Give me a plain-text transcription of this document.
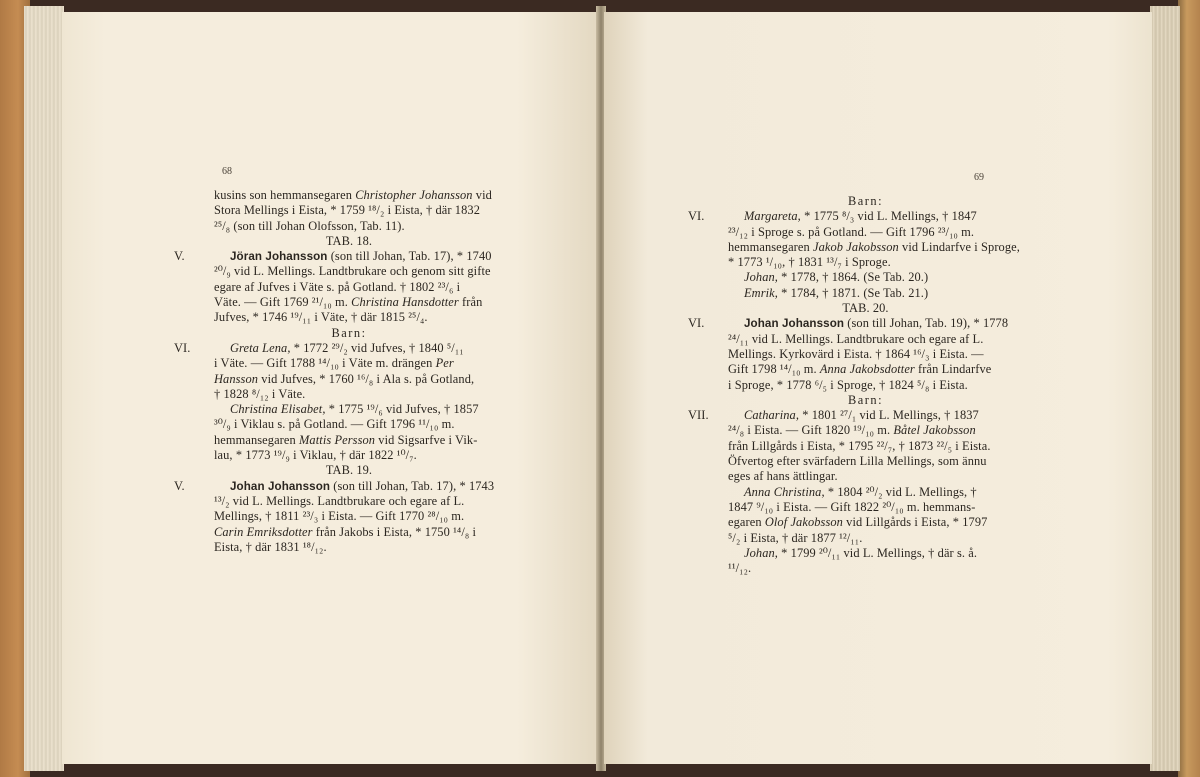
68
kusins son hemmansegaren Christopher Johansson vid
Stora Mellings i Eista, * 1759 ¹⁸/₂ i Eista, † där 1832
²⁵/₈ (son till Johan Olofsson, Tab. 11).
TAB. 18.
V.	Jöran Johansson (son till Johan, Tab. 17), * 1740
²⁰/₉ vid L. Mellings. Landtbrukare och genom sitt gifte
egare af Jufves i Väte s. på Gotland. † 1802 ²³/₆ i
Väte. — Gift 1769 ²¹/₁₀ m. Christina Hansdotter från
Jufves, * 1746 ¹⁹/₁₁ i Väte, † där 1815 ²⁵/₄.
Barn:
VI.	Greta Lena, * 1772 ²⁹/₂ vid Jufves, † 1840 ⁵/₁₁
i Väte. — Gift 1788 ¹⁴/₁₀ i Väte m. drängen Per
Hansson vid Jufves, * 1760 ¹⁶/₈ i Ala s. på Gotland,
† 1828 ⁸/₁₂ i Väte.
Christina Elisabet, * 1775 ¹⁹/₆ vid Jufves, † 1857
³⁰/₉ i Viklau s. på Gotland. — Gift 1796 ¹¹/₁₀ m.
hemmansegaren Mattis Persson vid Sigsarfve i Vik-
lau, * 1773 ¹⁹/₉ i Viklau, † där 1822 ¹⁰/₇.
TAB. 19.
V.	Johan Johansson (son till Johan, Tab. 17), * 1743
¹³/₂ vid L. Mellings. Landtbrukare och egare af L.
Mellings, † 1811 ²³/₃ i Eista. — Gift 1770 ²⁸/₁₀ m.
Carin Emriksdotter från Jakobs i Eista, * 1750 ¹⁴/₈ i
Eista, † där 1831 ¹⁸/₁₂.
69
Barn:
VI.	Margareta, * 1775 ⁸/₃ vid L. Mellings, † 1847
²³/₁₂ i Sproge s. på Gotland. — Gift 1796 ²³/₁₀ m.
hemmansegaren Jakob Jakobsson vid Lindarfve i Sproge,
* 1773 ¹/₁₀, † 1831 ¹³/₇ i Sproge.
Johan, * 1778, † 1864. (Se Tab. 20.)
Emrik, * 1784, † 1871. (Se Tab. 21.)
TAB. 20.
VI.	Johan Johansson (son till Johan, Tab. 19), * 1778
²⁴/₁₁ vid L. Mellings. Landtbrukare och egare af L.
Mellings. Kyrkovärd i Eista. † 1864 ¹⁶/₃ i Eista. —
Gift 1798 ¹⁴/₁₀ m. Anna Jakobsdotter från Lindarfve
i Sproge, * 1778 ⁶/₅ i Sproge, † 1824 ⁵/₈ i Eista.
Barn:
VII.	Catharina, * 1801 ²⁷/₁ vid L. Mellings, † 1837
²⁴/₈ i Eista. — Gift 1820 ¹⁹/₁₀ m. Båtel Jakobsson
från Lillgårds i Eista, * 1795 ²²/₇, † 1873 ²²/₅ i Eista.
Öfvertog efter svärfadern Lilla Mellings, som ännu
eges af hans ättlingar.
Anna Christina, * 1804 ²⁰/₂ vid L. Mellings, †
1847 ⁹/₁₀ i Eista. — Gift 1822 ²⁰/₁₀ m. hemmans-
egaren Olof Jakobsson vid Lillgårds i Eista, * 1797
⁵/₂ i Eista, † där 1877 ¹²/₁₁.
Johan, * 1799 ²⁰/₁₁ vid L. Mellings, † där s. å.
¹¹/₁₂.
